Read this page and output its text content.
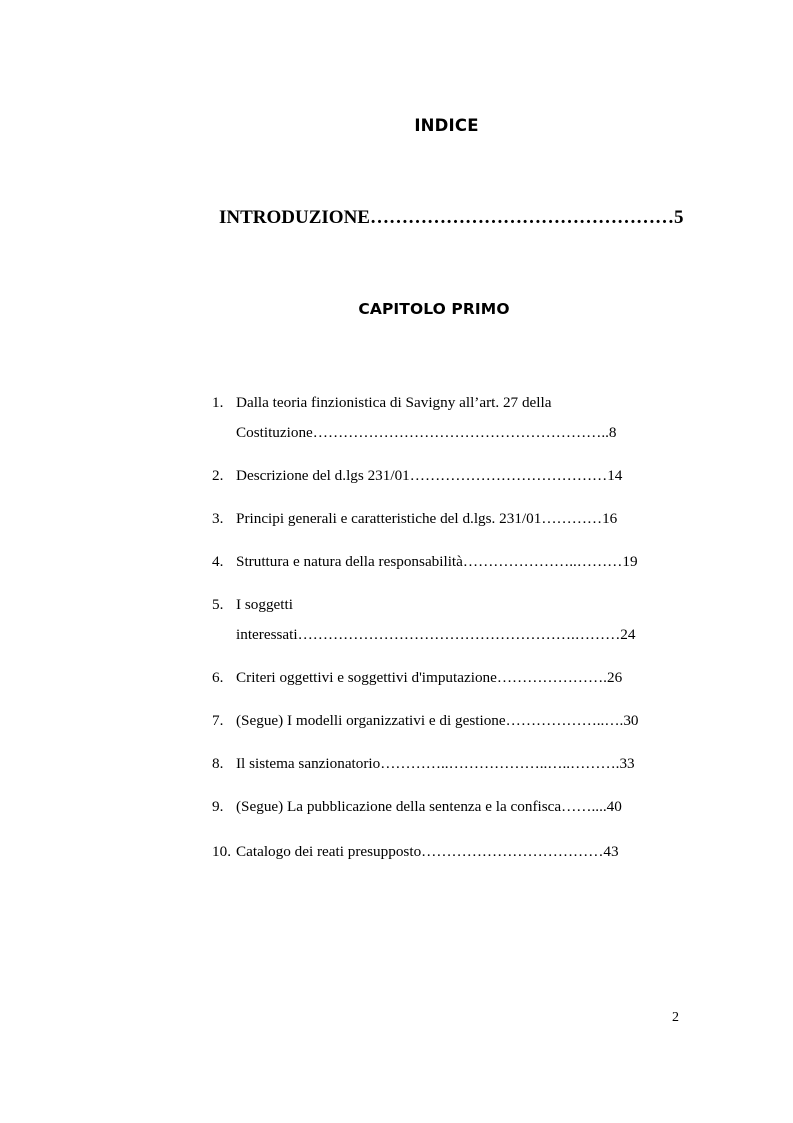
INDICE

INTRODUZIONE…………………………………………5

CAPITOLO PRIMO
1. Dalla teoria finzionistica di Savigny all’art. 27 della
Costituzione…………………………………………………..8
2. Descrizione del d.lgs 231/01…………………………………14
3. Principi generali e caratteristiche del d.lgs. 231/01…………16
4. Struttura e natura della responsabilità…………………..………19
5. I soggetti
interessati……………………………………………….………24
6. Criteri oggettivi e soggettivi d'imputazione………………….26
7. (Segue) I modelli organizzativi e di gestione………………..….30
8. Il sistema sanzionatorio…………..………………..…..……….33
9. (Segue) La pubblicazione della sentenza e la confisca……....40
10. Catalogo dei reati presupposto………………………………43
2
